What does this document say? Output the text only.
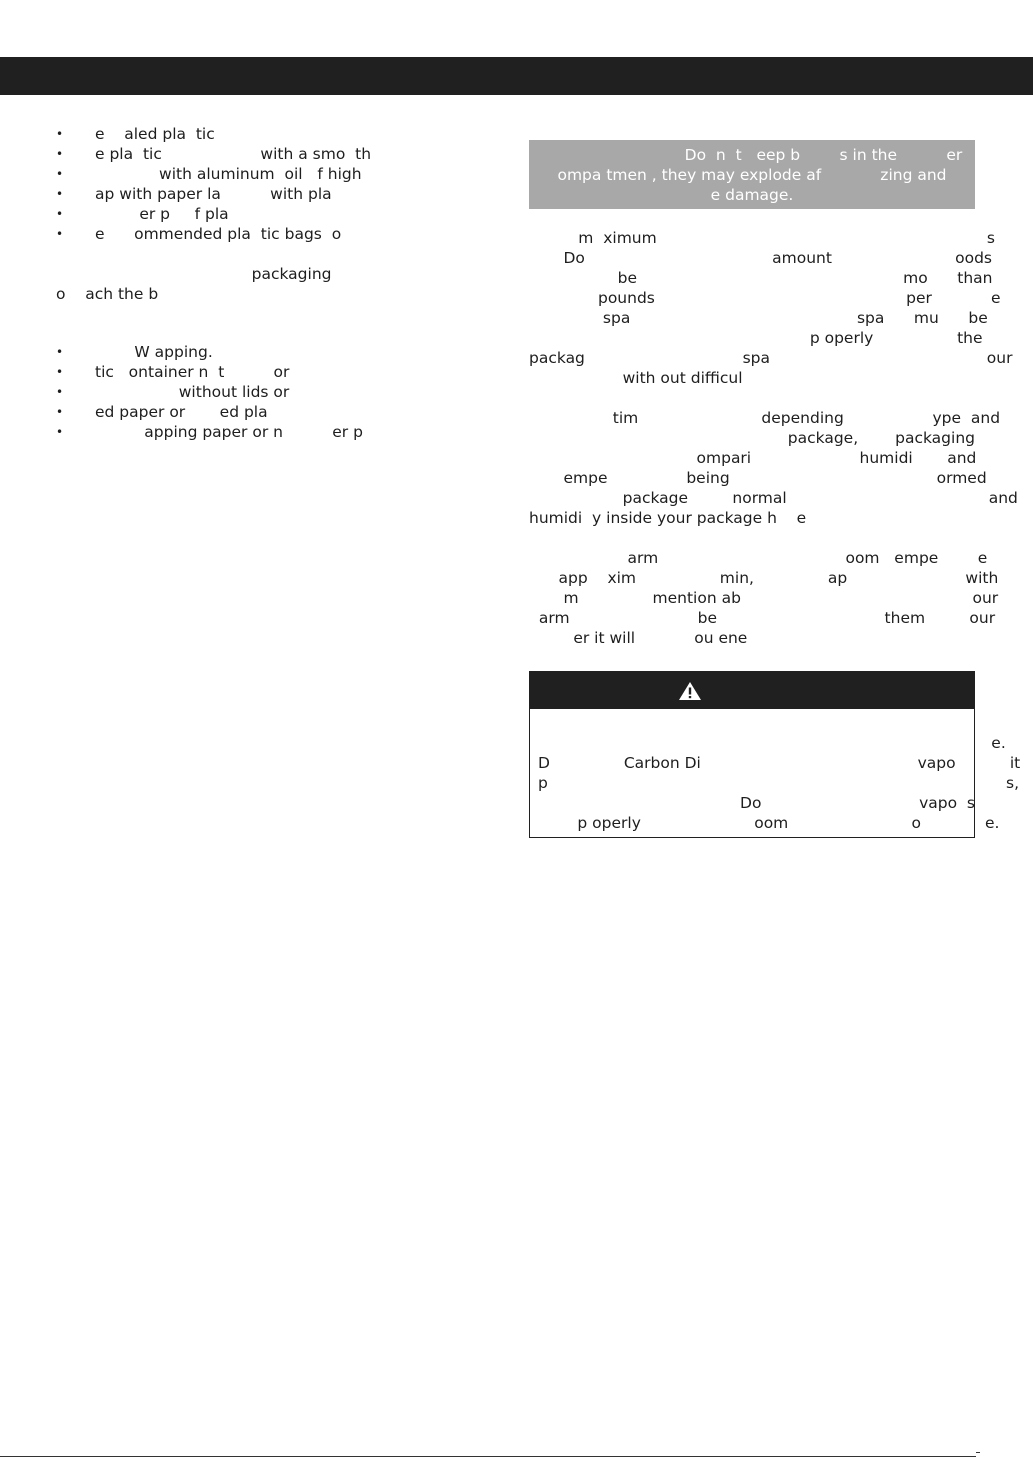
• e    aled pla  tic
• e pla  tic                    with a smo  th
• with aluminum  oil   f high
• ap with paper la          with pla
• er p     f pla
• e      ommended pla  tic bags  o
packaging
o    ach the b
• W apping.
• tic   ontainer n  t          or
• without lids or
• ed paper or       ed pla
• apping paper or n          er p
Do  n  t   eep b        s in the          er
ompa tmen , they may explode af            zing and
e damage.
m  ximum                                                                   s
Do                                      amount                         oods
be                                                      mo      than
pounds                                                   per            e
spa                                              spa      mu      be
p operly                 the
packag                                spa                                            our
with out difficul
tim                         depending                  ype  and
package,       packaging
ompari                      humidi       and
empe                being                                          ormed
package         normal                                         and
humidi  y inside your package h    e
arm                                      oom   empe        e
app    xim                 min,               ap                        with
m               mention ab                                               our
arm                          be                                  them         our
er it will            ou ene
e.
D               Carbon Di                                            vapo           it
p                                                                                             s,
Do                                vapo  s
p operly                       oom                         o             e.
